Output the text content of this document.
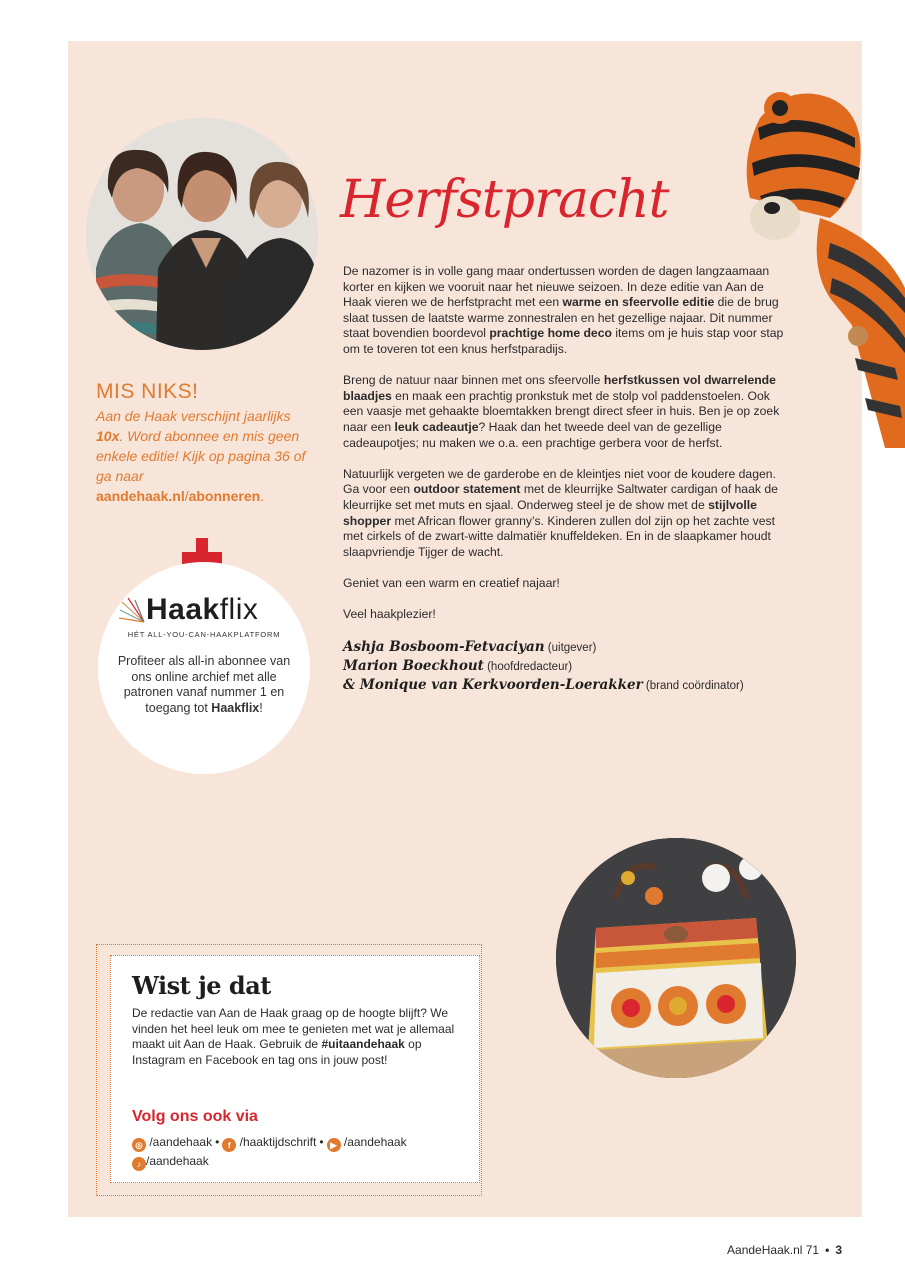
MIS NIKS!
Aan de Haak verschijnt jaarlijks 10x. Word abonnee en mis geen enkele editie! Kijk op pagina 36 of ga naar aandehaak.nl/abonneren.
Haakflix
HÉT ALL-YOU-CAN-HAAKPLATFORM
Profiteer als all-in abonnee van ons online archief met alle patronen vanaf nummer 1 en toegang tot Haakflix!
Herfstpracht

De nazomer is in volle gang maar ondertussen worden de dagen langzaamaan korter en kijken we vooruit naar het nieuwe seizoen. In deze editie van Aan de Haak vieren we de herfstpracht met een warme en sfeervolle editie die de brug slaat tussen de laatste warme zonnestralen en het gezellige najaar. Dit nummer staat bovendien boordevol prachtige home deco items om je huis stap voor stap om te toveren tot een knus herfstparadijs.

Breng de natuur naar binnen met ons sfeervolle herfstkussen vol dwarrelende blaadjes en maak een prachtig pronkstuk met de stolp vol paddenstoelen. Ook een vaasje met gehaakte bloemtakken brengt direct sfeer in huis. Ben je op zoek naar een leuk cadeautje? Haak dan het tweede deel van de gezellige cadeaupotjes; nu maken we o.a. een prachtige gerbera voor de herfst.

Natuurlijk vergeten we de garderobe en de kleintjes niet voor de koudere dagen. Ga voor een outdoor statement met de kleurrijke Saltwater cardigan of haak de kleurrijke set met muts en sjaal. Onderweg steel je de show met de stijlvolle shopper met African flower granny’s. Kinderen zullen dol zijn op het zachte vest met cirkels of de zwart-witte dalmatiër knuffeldeken. En in de slaapkamer houdt slaapvriendje Tijger de wacht.

Geniet van een warm en creatief najaar!

Veel haakplezier!

Ashja Bosboom-Fetvaciyan (uitgever)
Marion Boeckhout (hoofdredacteur)
& Monique van Kerkvoorden-Loerakker (brand coördinator)
Wist je dat
De redactie van Aan de Haak graag op de hoogte blijft? We vinden het heel leuk om mee te genieten met wat je allemaal maakt uit Aan de Haak. Gebruik de #uitaandehaak op Instagram en Facebook en tag ons in jouw post!
Volg ons ook via
◎ /aandehaak • f /haaktijdschrift • ▶ /aandehaak
♪ /aandehaak
AandeHaak.nl 71 • 3
